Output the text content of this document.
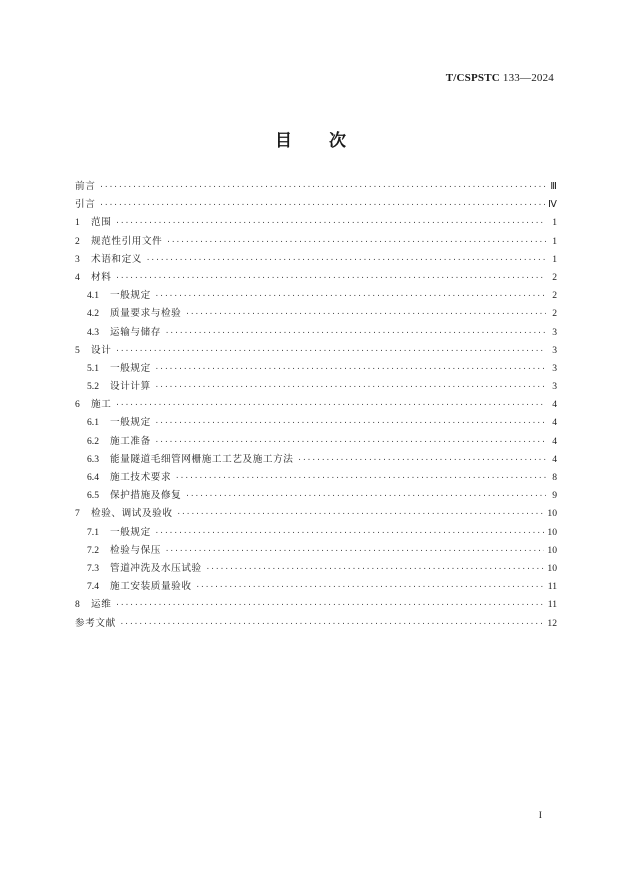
T/CSPSTC 133—2024
目 次
前言 ·····	Ⅲ
引言 ·····	Ⅳ
1	范围 ·····	1
2	规范性引用文件 ·····	1
3	术语和定义 ·····	1
4	材料 ·····	2
4.1	一般规定 ·····	2
4.2	质量要求与检验 ·····	2
4.3	运输与储存 ·····	3
5	设计 ·····	3
5.1	一般规定 ·····	3
5.2	设计计算 ·····	3
6	施工 ·····	4
6.1	一般规定 ·····	4
6.2	施工准备 ·····	4
6.3	能量隧道毛细管网栅施工工艺及施工方法 ·····	4
6.4	施工技术要求 ·····	8
6.5	保护措施及修复 ·····	9
7	检验、调试及验收 ·····	10
7.1	一般规定 ·····	10
7.2	检验与保压 ·····	10
7.3	管道冲洗及水压试验 ·····	10
7.4	施工安装质量验收 ·····	11
8	运维 ·····	11
参考文献 ·····	12
I
